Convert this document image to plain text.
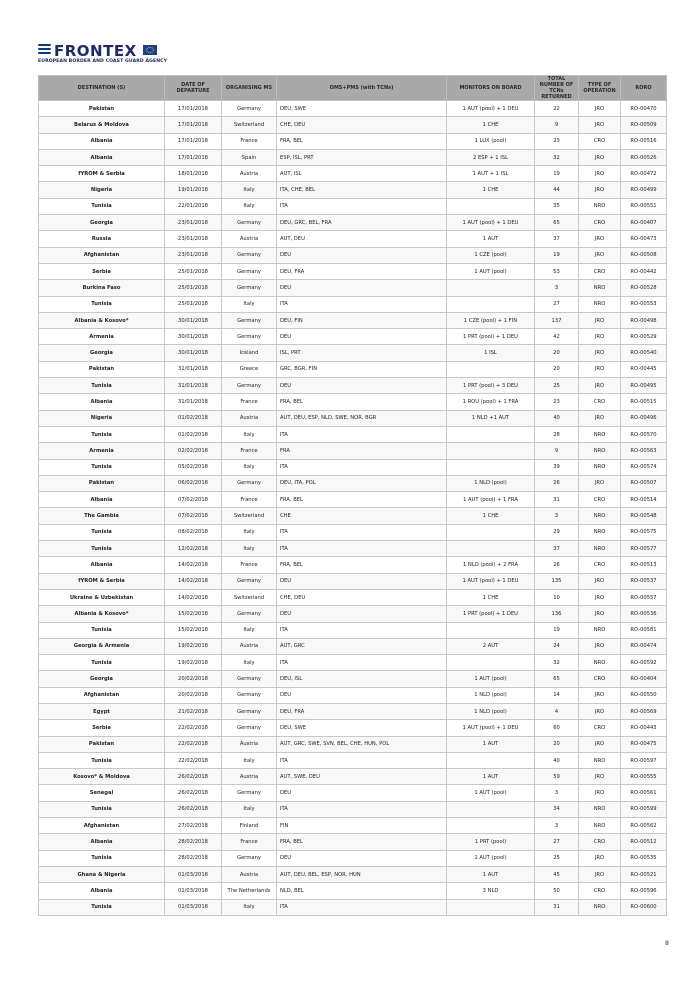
FRONTEX
EUROPEAN BORDER AND COAST GUARD AGENCY
DESTINATION (S)	DATE OF DEPARTURE	ORGANISING MS	OMS+PMS (with TCNs)	MONITORS ON BOARD	TOTAL NUMBER OF TCNs RETURNED	TYPE OF OPERATION	RORO
Pakistan	17/01/2018	Germany	DEU, SWE	1 AUT (pool) + 1 DEU	22	JRO	RO-00470
Belarus & Moldova	17/01/2018	Switzerland	CHE, DEU	1 CHE	9	JRO	RO-00509
Albania	17/01/2018	France	FRA, BEL	1 LUX (pool)	23	CRO	RO-00516
Albania	17/01/2018	Spain	ESP, ISL, PRT	2 ESP + 1 ISL	32	JRO	RO-00526
fYROM & Serbia	18/01/2018	Austria	AUT, ISL	1 AUT + 1 ISL	19	JRO	RO-00472
Nigeria	19/01/2018	Italy	ITA, CHE, BEL	1 CHE	44	JRO	RO-00499
Tunisia	22/01/2018	Italy	ITA		35	NRO	RO-00551
Georgia	23/01/2018	Germany	DEU, GRC, BEL, FRA	1 AUT (pool) + 1 DEU	65	CRO	RO-00407
Russia	23/01/2018	Austria	AUT, DEU	1 AUT	37	JRO	RO-00473
Afghanistan	23/01/2018	Germany	DEU	1 CZE (pool)	19	JRO	RO-00508
Serbia	25/01/2018	Germany	DEU, FRA	1 AUT (pool)	53	CRO	RO-00442
Burkina Faso	25/01/2018	Germany	DEU		3	NRO	RO-00528
Tunisia	25/01/2018	Italy	ITA		27	NRO	RO-00553
Albania & Kosovo*	30/01/2018	Germany	DEU, FIN	1 CZE (pool) + 1 FIN	137	JRO	RO-00498
Armenia	30/01/2018	Germany	DEU	1 PRT (pool) + 1 DEU	42	JRO	RO-00529
Georgia	30/01/2018	Iceland	ISL, PRT	1 ISL	20	JRO	RO-00540
Pakistan	31/01/2018	Greece	GRC, BGR, FIN		20	JRO	RO-00445
Tunisia	31/01/2018	Germany	DEU	1 PRT (pool) + 3 DEU	25	JRO	RO-00495
Albania	31/01/2018	France	FRA, BEL	1 ROU (pool) + 1 FRA	23	CRO	RO-00515
Nigeria	01/02/2018	Austria	AUT, DEU, ESP, NLD, SWE, NOR, BGR	1 NLD +1 AUT	40	JRO	RO-00496
Tunisia	01/02/2018	Italy	ITA		28	NRO	RO-00570
Armenia	02/02/2018	France	FRA		9	NRO	RO-00563
Tunisia	05/02/2018	Italy	ITA		39	NRO	RO-00574
Pakistan	06/02/2018	Germany	DEU, ITA, POL	1 NLD (pool)	26	JRO	RO-00507
Albania	07/02/2018	France	FRA, BEL	1 AUT (pool) + 1 FRA	31	CRO	RO-00514
The Gambia	07/02/2018	Switzerland	CHE	1 CHE	3	NRO	RO-00548
Tunisia	08/02/2018	Italy	ITA		29	NRO	RO-00575
Tunisia	12/02/2018	Italy	ITA		37	NRO	RO-00577
Albania	14/02/2018	France	FRA, BEL	1 NLD (pool) + 2 FRA	26	CRO	RO-00513
fYROM & Serbia	14/02/2018	Germany	DEU	1 AUT (pool) + 1 DEU	135	JRO	RO-00537
Ukraine & Uzbekistan	14/02/2018	Switzerland	CHE, DEU	1 CHE	10	JRO	RO-00557
Albania & Kosovo*	15/02/2018	Germany	DEU	1 PRT (pool) + 1 DEU	136	JRO	RO-00536
Tunisia	15/02/2018	Italy	ITA		19	NRO	RO-00581
Georgia & Armenia	19/02/2018	Austria	AUT, GRC	2 AUT	24	JRO	RO-00474
Tunisia	19/02/2018	Italy	ITA		32	NRO	RO-00592
Georgia	20/02/2018	Germany	DEU, ISL	1 AUT (pool)	65	CRO	RO-00404
Afghanistan	20/02/2018	Germany	DEU	1 NLD (pool)	14	JRO	RO-00550
Egypt	21/02/2018	Germany	DEU, FRA	1 NLD (pool)	4	JRO	RO-00569
Serbia	22/02/2018	Germany	DEU, SWE	1 AUT (pool) + 1 DEU	60	CRO	RO-00443
Pakistan	22/02/2018	Austria	AUT, GRC, SWE, SVN, BEL, CHE, HUN, POL	1 AUT	20	JRO	RO-00475
Tunisia	22/02/2018	Italy	ITA		40	NRO	RO-00597
Kosovo* & Moldova	26/02/2018	Austria	AUT, SWE, DEU	1 AUT	59	JRO	RO-00555
Senegal	26/02/2018	Germany	DEU	1 AUT (pool)	3	JRO	RO-00561
Tunisia	26/02/2018	Italy	ITA		34	NRO	RO-00599
Afghanistan	27/02/2018	Finland	FIN		3	NRO	RO-00562
Albania	28/02/2018	France	FRA, BEL	1 PRT (pool)	27	CRO	RO-00512
Tunisia	28/02/2018	Germany	DEU	1 AUT (pool)	25	JRO	RO-00535
Ghana & Nigeria	01/03/2018	Austria	AUT, DEU, BEL, ESP, NOR, HUN	1 AUT	45	JRO	RO-00521
Albania	01/03/2018	The Netherlands	NLD, BEL	3 NLD	50	CRO	RO-00596
Tunisia	01/03/2018	Italy	ITA		31	NRO	RO-00600
8
